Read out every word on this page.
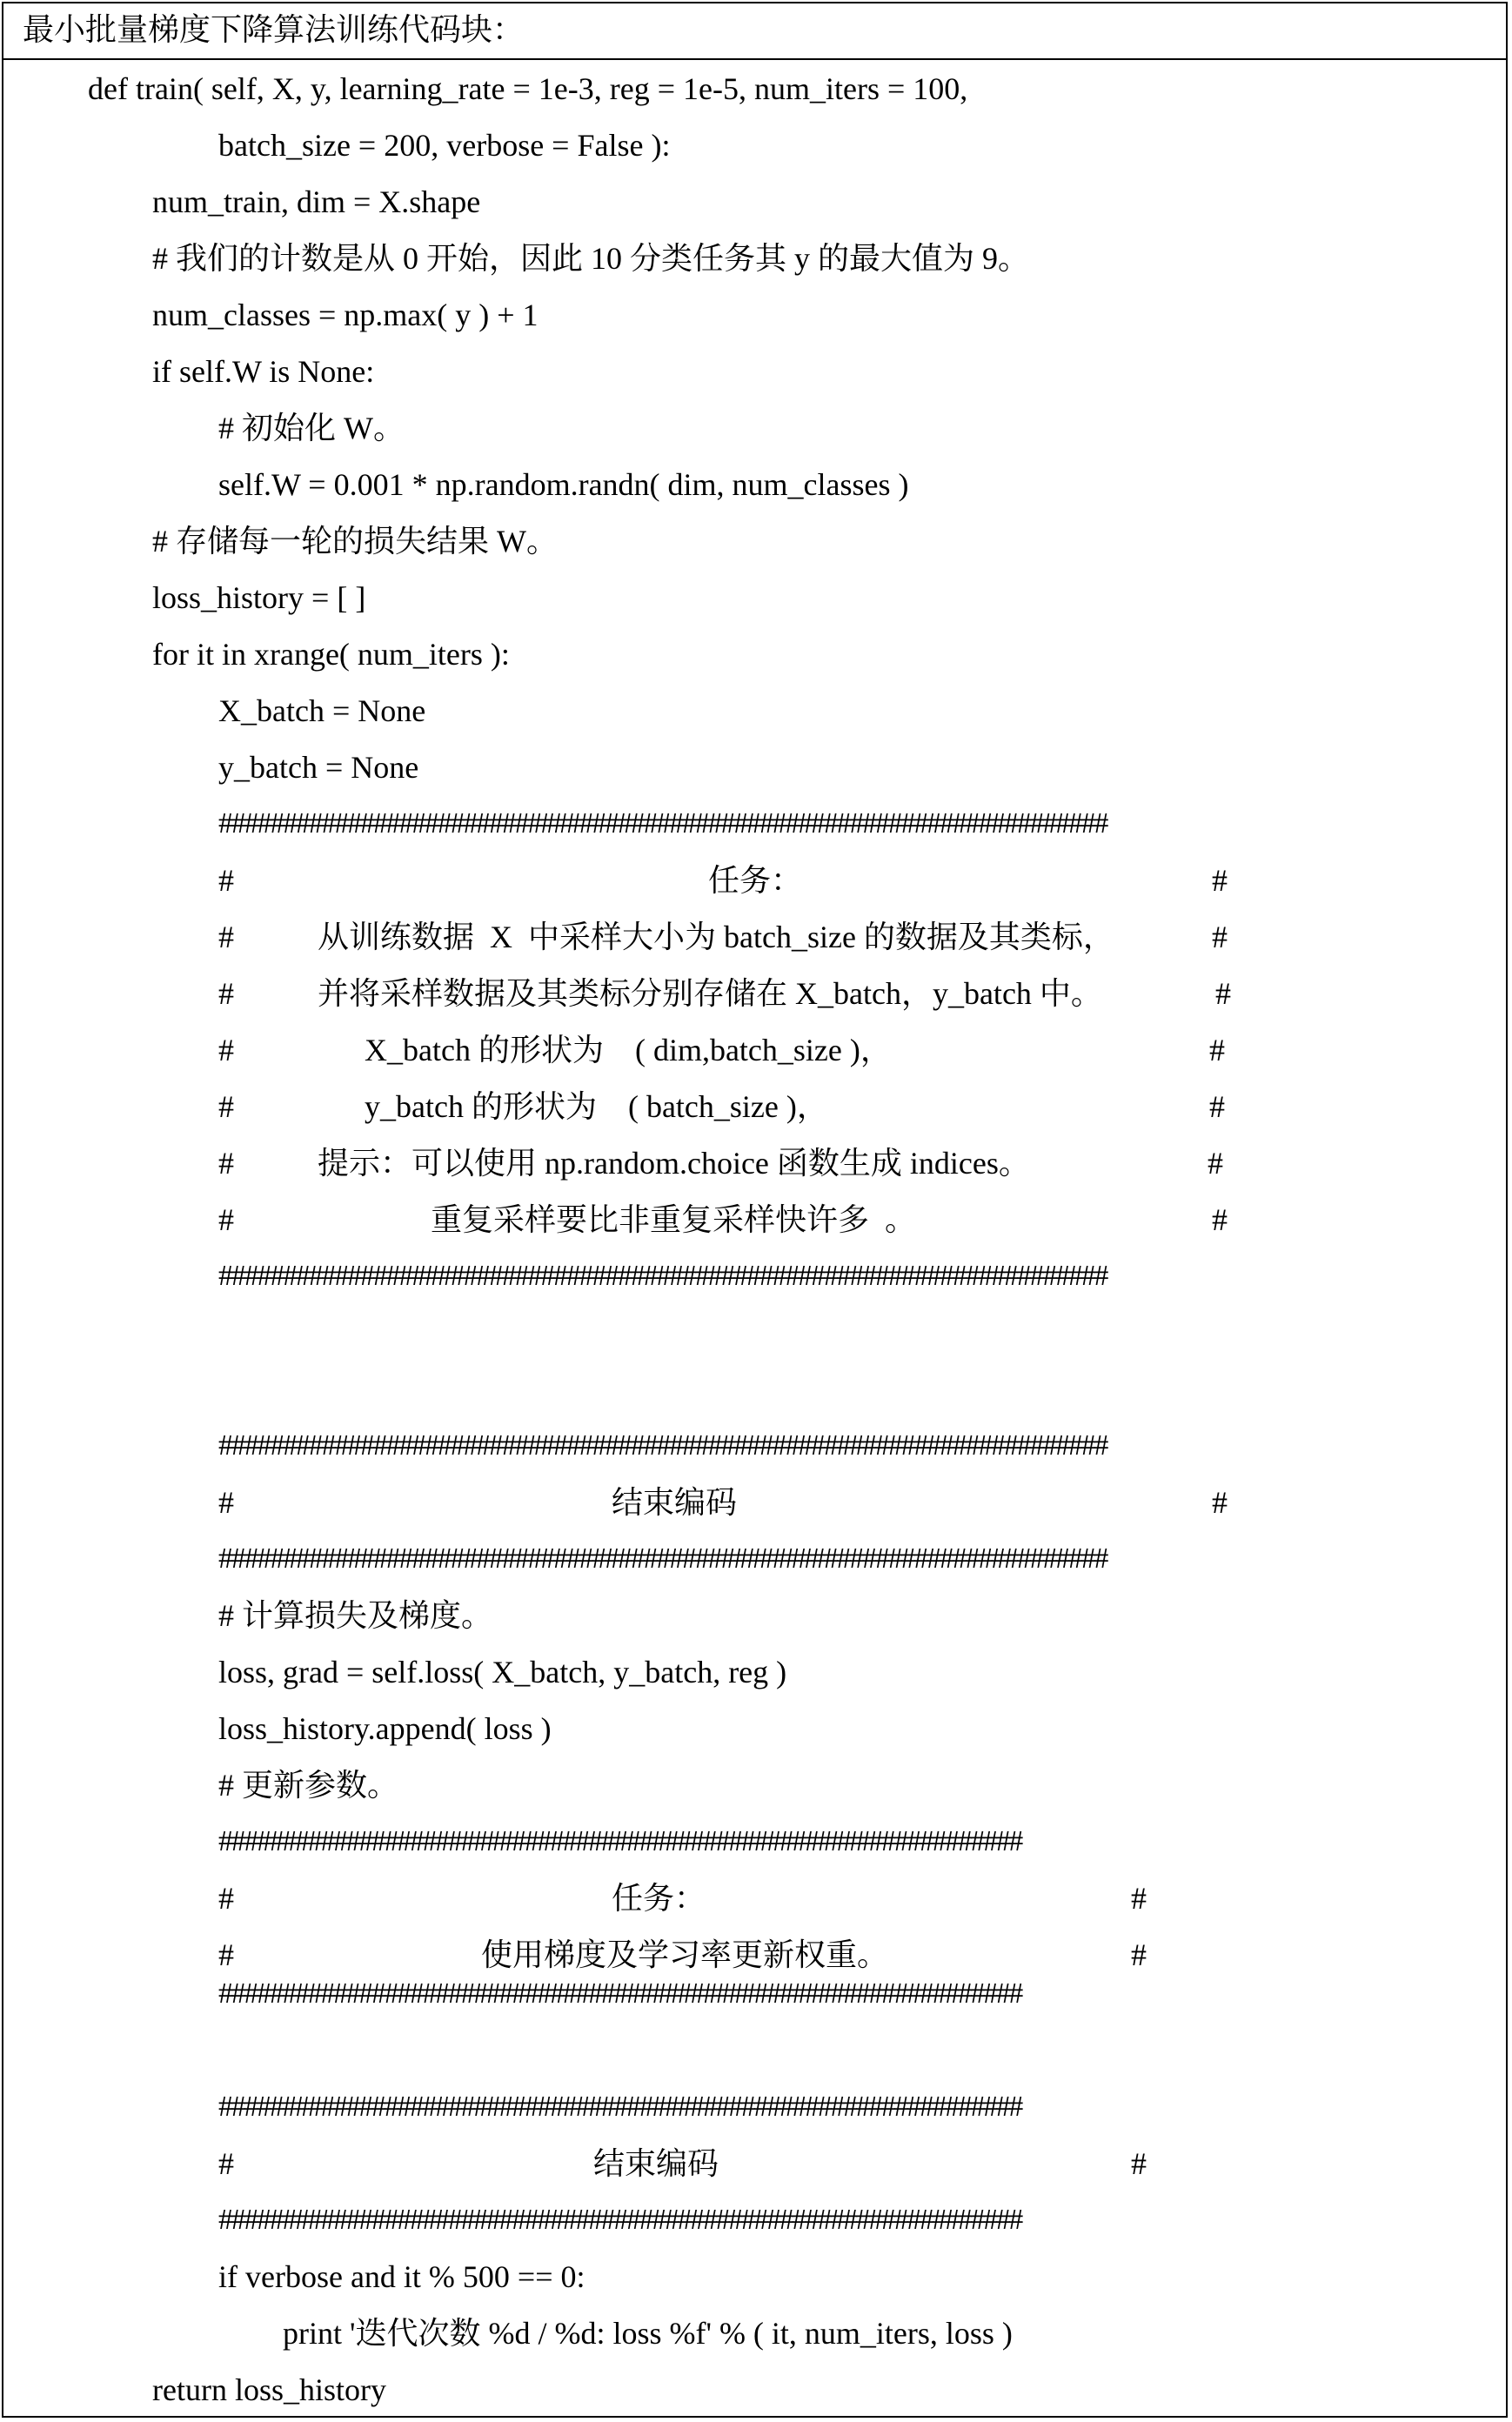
最小批量梯度下降算法训练代码块：
def train( self, X, y, learning_rate = 1e-3, reg = 1e-5, num_iters = 100,
batch_size = 200, verbose = False ):
num_train, dim = X.shape
# 我们的计数是从 0 开始，因此 10 分类任务其 y 的最大值为 9。
num_classes = np.max( y ) + 1
if self.W is None:
# 初始化 W。
self.W = 0.001 * np.random.randn( dim, num_classes )
# 存储每一轮的损失结果 W。
loss_history = [ ]
for it in xrange( num_iters ):
X_batch = None
y_batch = None
#####################################################################
#	任务：	#
#	从训练数据  X  中采样大小为 batch_size 的数据及其类标，	#
#	并将采样数据及其类标分别存储在 X_batch，y_batch 中。	#
#	X_batch 的形状为    ( dim,batch_size )，	#
#	y_batch 的形状为    ( batch_size )，	#
#	提示：可以使用 np.random.choice 函数生成 indices。	#
#	重复采样要比非重复采样快许多  。	#
#####################################################################
#####################################################################
#	结束编码	#
#####################################################################
# 计算损失及梯度。
loss, grad = self.loss( X_batch, y_batch, reg )
loss_history.append( loss )
# 更新参数。
###############################################################
#	任务：	#
#	使用梯度及学习率更新权重。	#
###############################################################
###############################################################
#	结束编码	#
###############################################################
if verbose and it % 500 == 0:
print '迭代次数 %d / %d: loss %f' % ( it, num_iters, loss )
return loss_history
